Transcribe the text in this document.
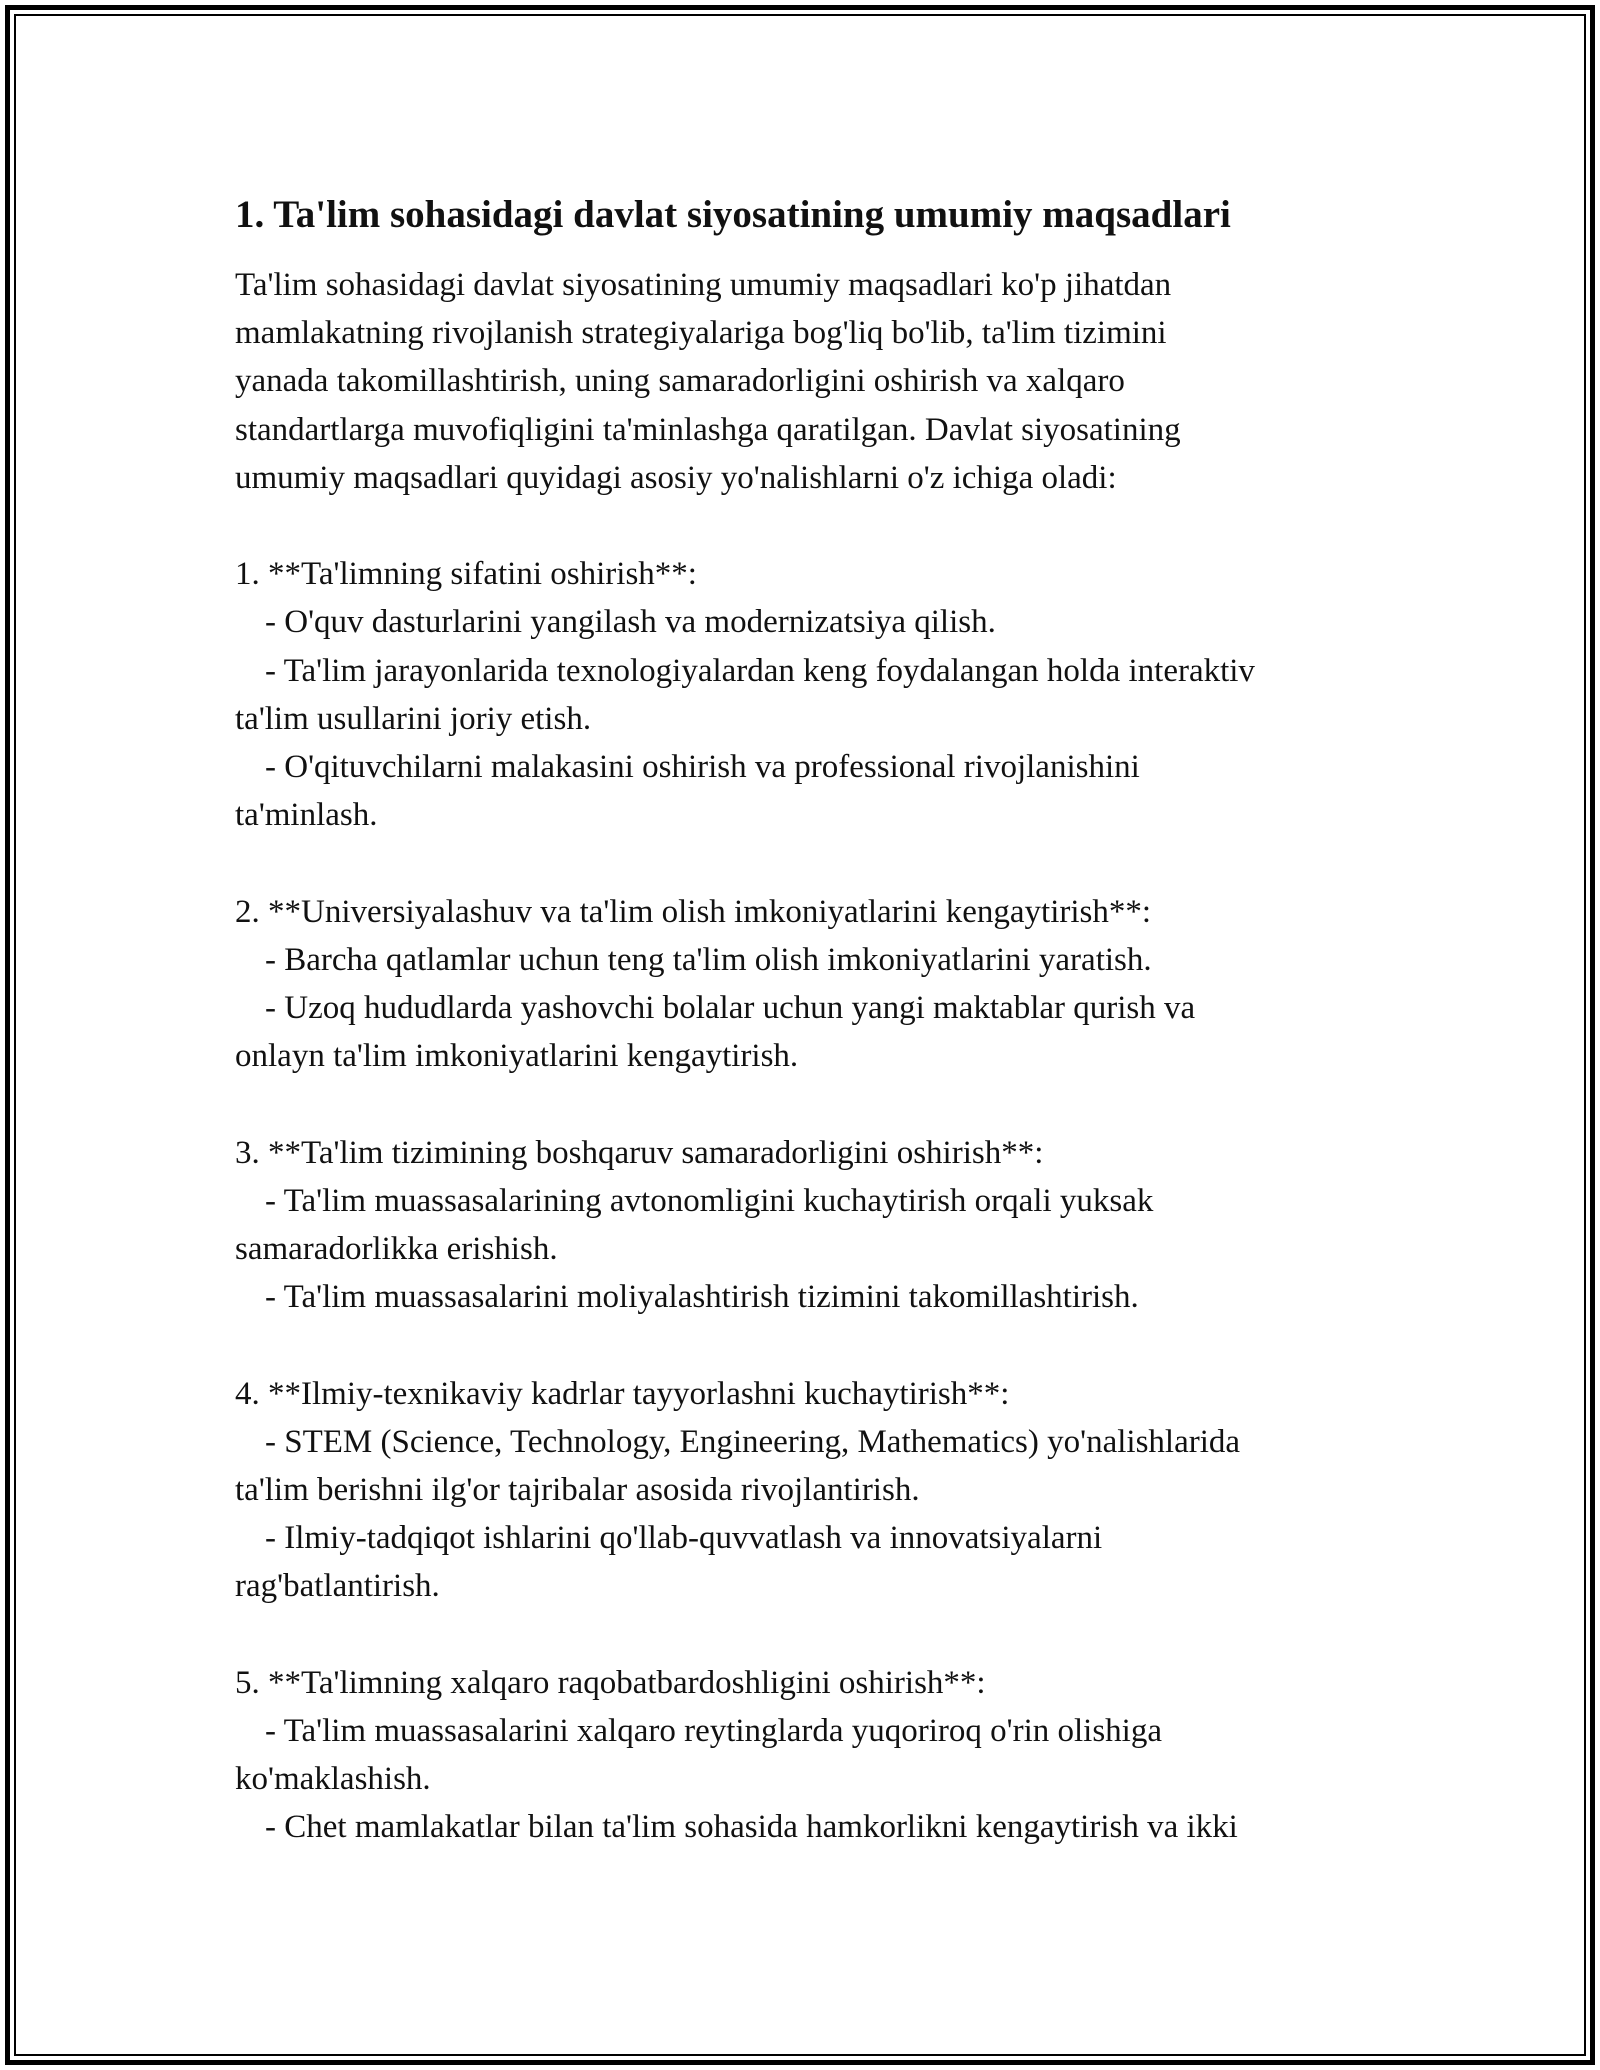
1. Ta'lim sohasidagi davlat siyosatining umumiy maqsadlari

Ta'lim sohasidagi davlat siyosatining umumiy maqsadlari ko'p jihatdan

mamlakatning rivojlanish strategiyalariga bog'liq bo'lib, ta'lim tizimini

yanada takomillashtirish, uning samaradorligini oshirish va xalqaro

standartlarga muvofiqligini ta'minlashga qaratilgan. Davlat siyosatining

umumiy maqsadlari quyidagi asosiy yo'nalishlarni o'z ichiga oladi:

1. **Ta'limning sifatini oshirish**:

- O'quv dasturlarini yangilash va modernizatsiya qilish.

- Ta'lim jarayonlarida texnologiyalardan keng foydalangan holda interaktiv

ta'lim usullarini joriy etish.

- O'qituvchilarni malakasini oshirish va professional rivojlanishini

ta'minlash.

2. **Universiyalashuv va ta'lim olish imkoniyatlarini kengaytirish**:

- Barcha qatlamlar uchun teng ta'lim olish imkoniyatlarini yaratish.

- Uzoq hududlarda yashovchi bolalar uchun yangi maktablar qurish va

onlayn ta'lim imkoniyatlarini kengaytirish.

3. **Ta'lim tizimining boshqaruv samaradorligini oshirish**:

- Ta'lim muassasalarining avtonomligini kuchaytirish orqali yuksak

samaradorlikka erishish.

- Ta'lim muassasalarini moliyalashtirish tizimini takomillashtirish.

4. **Ilmiy-texnikaviy kadrlar tayyorlashni kuchaytirish**:

- STEM (Science, Technology, Engineering, Mathematics) yo'nalishlarida

ta'lim berishni ilg'or tajribalar asosida rivojlantirish.

- Ilmiy-tadqiqot ishlarini qo'llab-quvvatlash va innovatsiyalarni

rag'batlantirish.

5. **Ta'limning xalqaro raqobatbardoshligini oshirish**:

- Ta'lim muassasalarini xalqaro reytinglarda yuqoriroq o'rin olishiga

ko'maklashish.

- Chet mamlakatlar bilan ta'lim sohasida hamkorlikni kengaytirish va ikki
